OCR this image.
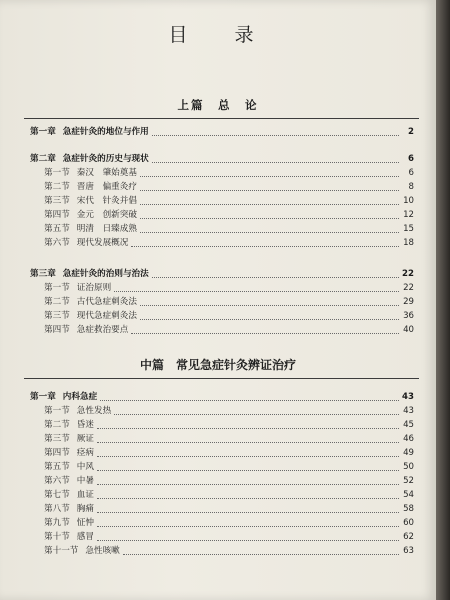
目　录
上篇　总　论
中篇　常见急症针灸辨证治疗
第一章 急症针灸的地位与作用	2
第二章 急症针灸的历史与现状	6
第一节 秦汉　肇始奠基	6
第二节 晋唐　偏重灸疗	8
第三节 宋代　针灸并倡	10
第四节 金元　创新突破	12
第五节 明清　日臻成熟	15
第六节 现代发展概况	18
第三章 急症针灸的治则与治法	22
第一节 证治原则	22
第二节 古代急症刺灸法	29
第三节 现代急症刺灸法	36
第四节 急症救治要点	40
第一章 内科急症	43
第一节 急性发热	43
第二节 昏迷	45
第三节 厥证	46
第四节 痉病	49
第五节 中风	50
第六节 中暑	52
第七节 血证	54
第八节 胸痛	58
第九节 怔忡	60
第十节 感冒	62
第十一节 急性咳嗽	63
